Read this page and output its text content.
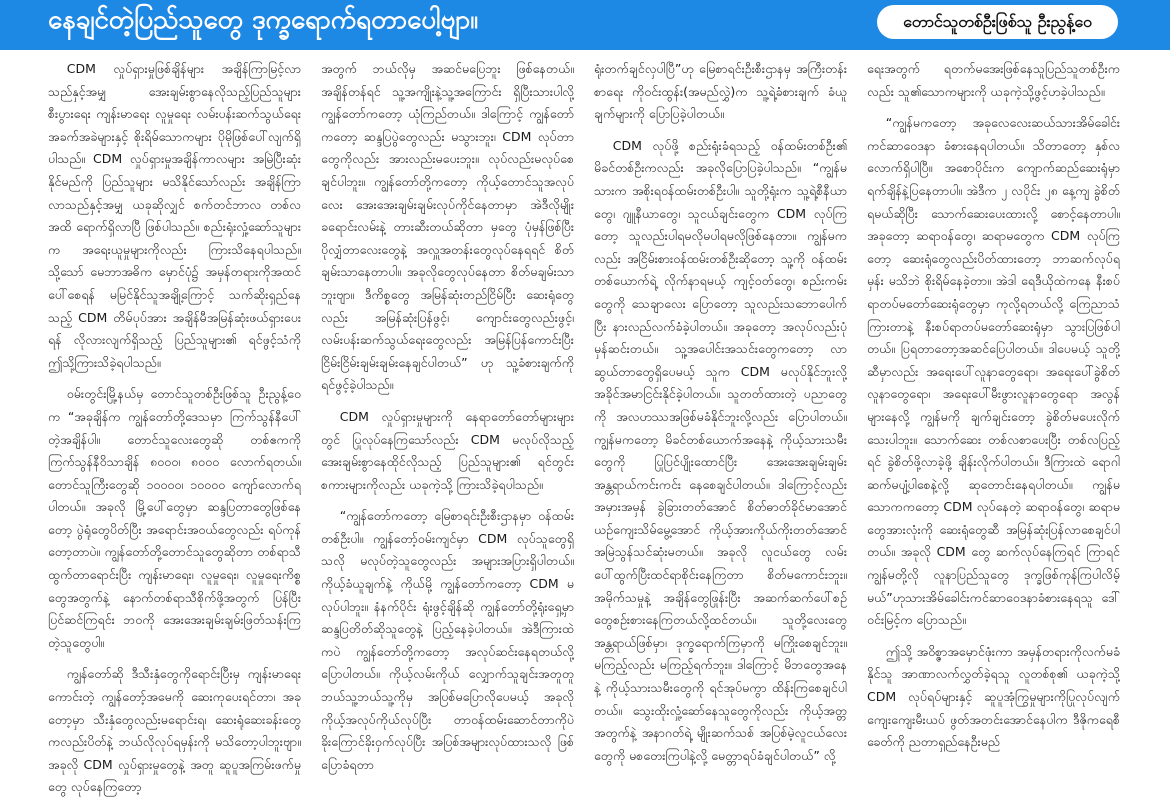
နေချင်တဲ့ပြည်သူတွေ ဒုက္ခရောက်ရတာပေါ့ဗျာ။	တောင်သူတစ်ဦးဖြစ်သူ ဦးညွန့်ဝေ

CDM လှုပ်ရှားမှုဖြစ်ချိန်များ အချိန်ကြာမြင့်လာသည်နှင့်အမျှ အေးချမ်းစွာနေလိုသည့်ပြည်သူများ စီးပွားရေး ကျန်းမာရေး လူမှုရေး လမ်းပန်းဆက်သွယ်ရေး အခက်အခဲများနှင့် စိုးရိမ်သောကများ ပိုမိုဖြစ်ပေါ်လျက်ရှိပါသည်။ CDM လှုပ်ရှားမှုအချိန်ကာလများ အမြဲပြီးဆုံးနိုင်မည်ကို ပြည်သူများ မသိနိုင်သော်လည်း အချိန်ကြာလာသည်နှင့်အမျှ ယခုဆိုလျှင် စက်တင်ဘာလ တစ်လအထိ ရောက်ရှိလာပြီ ဖြစ်ပါသည်။ စည်းရုံးလှုံ့ဆော်သူများက အရေးယူမှုများကိုလည်း ကြားသိနေရပါသည်။ သို့သော် မေဘာအဓိက မှောင်ပုံ၌ အမှန်တရားကိုအထင်ပေါ်စေရန် မမြင်နိုင်သူအချို့ကြောင့် သက်ဆိုးရှည်နေသည့် CDM တိမ်ပုပ်အား အချိန်မီအမြန်ဆုံးဖယ်ရှားပေးရန် လိုလားလျက်ရှိသည့် ပြည်သူများ၏ ရင်ဖွင့်သံကို ဤသို့ကြားသိခဲ့ရပါသည်။

ဝမ်းတွင်းမြို့နယ်မှ တောင်သူတစ်ဦးဖြစ်သူ ဦးညွန့်ဝေက “အခုချိန်က ကျွန်တော်တို့ဒေသမှာ ကြက်သွန်နီပေါ်တဲ့အချိန်ပါ။ တောင်သူလေးတွေဆို တစ်ဧကကို ကြက်သွန်နီဝိသာချိန် ၈၀၀၀၊ ၈၀၀၀ လောက်ရတယ်။ တောင်သူကြီးတွေဆို ၁၀၀၀၀၊ ၁၀၀၀၀ ကျော်လောက်ရပါတယ်။ အခုလို မြို့ပေါ်တွေမှာ ဆန္ဒပြတာတွေဖြစ်နေတော့ ပွဲရုံတွေပိတ်ပြီး အရောင်းအဝယ်တွေလည်း ရပ်ကုန်တော့တာပဲ။ ကျွန်တော်တို့တောင်သူတွေဆိုတာ တစ်ရာသီထွက်တာရောင်းပြီး ကျန်းမာရေး၊ လူမှုရေး၊ လူမှုရေးကိစ္စတွေအတွက်နဲ့ နောက်တစ်ရာသီစိုက်ဖို့အတွက် ပြန်ပြီးပြင်ဆင်ကြရင်း ဘဝကို အေးအေးချမ်းချမ်းဖြတ်သန်းကြတဲ့သူတွေပါ။

ကျွန်တော်ဆို ဒီသီးနှံတွေကိုရောင်းပြီးမှ ကျန်းမာရေးကောင်းတဲ့ ကျွန်တော့်အမေကို ဆေးကုပေးရင်တာ၊ အခုတော့မှာ သီးနှံတွေလည်းမရောင်းရ၊ ဆေးရုံဆေးခန်းတွေကလည်းပိတ်နဲ့ ဘယ်လိုလုပ်ရမှန်းကို မသိတော့ပါဘူးဗျာ။ အခုလို CDM လှုပ်ရှားမှုတွေနဲ့ အတူ ဆူပူအကြမ်းဖက်မှုတွေ လုပ်နေကြတော့

အတွက် ဘယ်လိုမှ အဆင်မပြေဘူး ဖြစ်နေတယ်။ အချိန်တန်ရင် သူ့အကျိုးနဲ့သူ့အကြောင်း ရှိပြီးသားပါလို့ ကျွန်တော်ကတော့ ယုံကြည်တယ်။ ဒါကြောင့် ကျွန်တော်ကတော့ ဆန္ဒပြပွဲတွေလည်း မသွားဘူး၊ CDM လုပ်တာတွေကိုလည်း အားလည်းမပေးဘူး။ လုပ်လည်းမလုပ်စေချင်ပါဘူး။ ကျွန်တော်တို့ကတော့ ကိုယ့်တောင်သူအလုပ်လေး အေးအေးချမ်းချမ်းလုပ်ကိုင်နေတာမှာ အဲဒီလိုမျိုး ခရောင်းလမ်းနဲ့ တားဆီးတယ်ဆိုတာ မှတွေ ပုံမှန်ဖြစ်ပြီး ပိုလျှံတာလေးတွေနဲ့ အလှူအတန်းတွေလုပ်နေရရင် စိတ်ချမ်းသာနေတာပါ။ အခုလိုတွေလုပ်နေတာ စိတ်မချမ်းသာဘူးဗျာ။ ဒီကိစ္စတွေ အမြန်ဆုံးတည်ငြိမ်ပြီး ဆေးရုံတွေလည်း အမြန်ဆုံးပြန်ဖွင့်၊ ကျောင်းတွေလည်းဖွင့်၊ လမ်းပန်းဆက်သွယ်ရေးတွေလည်း အမြန်ပြန်ကောင်းပြီး ငြိမ်းငြိမ်းချမ်းချမ်းနေချင်ပါတယ်” ဟု သူ့ခံစားချက်ကို ရင်ဖွင့်ခဲ့ပါသည်။

CDM လှုပ်ရှားမှုများကို နေရာတော်တော်များများတွင် ပြုလုပ်နေကြသော်လည်း CDM မလုပ်လိုသည့် အေးချမ်းစွာနေထိုင်လိုသည့် ပြည်သူများ၏ ရင်တွင်းစကားများကိုလည်း ယခုကဲ့သို့ ကြားသိခဲ့ရပါသည်။

“ကျွန်တော်ကတော့ မြေစာရင်းဦးစီးဌာနမှာ ဝန်ထမ်းတစ်ဦးပါ။ ကျွန်တော့်ဝမ်းကျင်မှာ CDM လုပ်သူတွေရှိသလို မလုပ်တဲ့သူတွေလည်း အများအပြားရှိပါတယ်။ ကိုယ့်ခံယူချက်နဲ့ ကိုယ်မို့ ကျွန်တော်ကတော့ CDM မလုပ်ပါဘူး။ နံနက်ပိုင်း ရုံးဖွင့်ချိန်ဆို ကျွန်တော်တို့ရုံးရှေ့မှာ ဆန္ဒပြတိတ်ဆိုသူတွေနဲ့ ပြည့်နေခဲ့ပါတယ်။ အဲဒီကြားထဲကပဲ ကျွန်တော်တို့ကတော့ အလုပ်ဆင်းနေရတယ်လို့ ပြောပါတယ်။ ကိုယ့်လမ်းကိုယ် လျှောက်သူချင်းအတူတူ ဘယ်သူ့ဘယ်သူ့ကိုမှ အပြစ်မပြောလိုပေမယ့် အခုလို ကိုယ့်အလုပ်ကိုယ်လုပ်ပြီး တာဝန်ထမ်းဆောင်တာကိုပဲ ခိုးကြောင်ခိုးဝှက်လုပ်ပြီး အပြစ်အများလုပ်ထားသလို ဖြစ်ပြောခံရတာ

ရုံးတက်ချင်လှပါပြီ”ဟု မြေစာရင်းဦးစီးဌာနမှ အကြီးတန်းစာရေး ကိုဝင်းထွန်း(အမည်လွှဲ)က သူ့ရဲ့ခံစားချက် ခံယူချက်များကို ပြောပြခဲ့ပါတယ်။

CDM လုပ်ဖို့ စည်းရုံးခံရသည့် ဝန်ထမ်းတစ်ဦး၏ မိခင်တစ်ဦးကလည်း အခုလိုပြောပြခဲ့ပါသည်။ “ကျွန်မသားက အစိုးရဝန်ထမ်းတစ်ဦးပါ။ သူတို့ရုံးက သူ့ရဲ့စီနီယာတွေ၊ ဂျူနီယာတွေ၊ သူငယ်ချင်းတွေက CDM လုပ်ကြတော့ သူလည်းပါရမလိုမပါရမလိုဖြစ်နေတာ။ ကျွန်မကလည်း အငြိမ်းစားဝန်ထမ်းတစ်ဦးဆိုတော့ သူ့ကို ဝန်ထမ်းတစ်ယောက်ရဲ့ လိုက်နာရမယ့် ကျင့်ဝတ်တွေ၊ စည်းကမ်းတွေကို သေချာလေး ပြောတော့ သူလည်းသဘောပေါက်ပြီး နားလည်လက်ခံခဲ့ပါတယ်။ အခုတော့ အလုပ်လည်းပုံမှန်ဆင်းတယ်။ သူ့အပေါင်းအသင်းတွေကတော့ လာဆွယ်တာတွေရှိပေမယ့် သူက CDM မလုပ်နိုင်ဘူးလို့ အခိုင်အမာငြင်းနိုင်ခဲ့ပါတယ်။ သူတတ်ထားတဲ့ ပညာတွေကို အလဟဿအဖြစ်မခံနိုင်ဘူးလို့လည်း ပြောပါတယ်။ ကျွန်မကတော့ မိခင်တစ်ယောက်အနေနဲ့ ကိုယ့်သားသမီးတွေကို ပြုပြင်ပျိုးထောင်ပြီး အေးအေးချမ်းချမ်း အန္တရာယ်ကင်းကင်း နေစေချင်ပါတယ်။ ဒါကြောင့်လည်း အမှားအမှန် ခွဲခြားတတ်အောင် စိတ်ဓာတ်ခိုင်မာအောင် ယဉ်ကျေးသိမ်မွေ့အောင် ကိုယ့်အားကိုယ်ကိုးတတ်အောင် အမြဲသွန်သင်ဆုံးမတယ်။ အခုလို လူငယ်တွေ လမ်းပေါ်ထွက်ပြီးထင်ရာစိုင်းနေကြတာ စိတ်မကောင်းဘူး။ အမိုက်သမှုနဲ့ အချိန်တွေဖြုန်းပြီး အဆက်ဆက်ပေါ်စဉ်တွေစဉ်းစားနေကြတယ်လို့ထင်တယ်။ သူတို့လေးတွေ အန္တရာယ်ဖြစ်မှာ၊ ဒုက္ခရောက်ကြမှာကို မကြိုးစေချင်ဘူး။ မကြည့်လည်း မကြည့်ရက်ဘူး။ ဒါကြောင့် မိဘတွေအနေနဲ့ ကိုယ့်သားသမီးတွေကို ရင်အုပ်မကွာ ထိန်းကြစေချင်ပါတယ်။ သွေးထိုးလှုံ့ဆော်နေသူတွေကိုလည်း ကိုယ့်အတ္တအတွက်နဲ့ အနာဂတ်ရဲ့ မျိုးဆက်သစ် အပြစ်မဲ့လူငယ်လေးတွေကို မစတေးကြပါနဲ့လို့ မေတ္တာရပ်ခံချင်ပါတယ်” လို့

ရေးအတွက် ရတက်မအေးဖြစ်နေသူပြည်သူတစ်ဦးကလည်း သူ၏သောကများကို ယခုကဲ့သို့ဖွင့်ဟခဲ့ပါသည်။

“ကျွန်မကတော့ အခုလေလေးဆယ်သားအိမ်ခေါင်းကင်ဆာဝေဒနာ ခံစားနေရပါတယ်။ သိတာတော့ နှစ်လလောက်ရှိပါပြီ။ အစောပိုင်းက ကျောက်ဆည်ဆေးရုံမှာ ရက်ချိန်နဲ့ပြနေတာပါ။ အဲဒီက ၂ လပိုင်း ၂၈ နေ့ကျ ခွဲစိတ်ရမယ်ဆိုပြီး သောက်ဆေးပေးထားလို့ စောင့်နေတာပါ။ အခုတော့ ဆရာဝန်တွေ၊ ဆရာမတွေက CDM လုပ်ကြတော့ ဆေးရုံတွေလည်းပိတ်ထားတော့ ဘာဆက်လုပ်ရမှန်း မသိဘဲ စိုးရိမ်နေခဲ့တာ။ အဲဒါ ရေဒီယိုထဲကနေ နီးစပ်ရာတပ်မတော်ဆေးရုံတွေမှာ ကုလို့ရတယ်လို့ ကြေညာသံကြားတာနဲ့ နီးစပ်ရာတပ်မတော်ဆေးရုံမှာ သွားပြဖြစ်ပါတယ်။ ပြရတာတော့အဆင်ပြေပါတယ်။ ဒါပေမယ့် သူတို့ဆီမှာလည်း အရေးပေါ်လူနာတွေရော၊ အရေးပေါ်ခွဲစိတ်လူနာတွေရော၊ အရေးပေါ်မီးဖွားလူနာတွေရော အလွန်များနေလို့ ကျွန်မကို ချက်ချင်းတော့ ခွဲစိတ်မပေးလိုက်သေးပါဘူး။ သောက်ဆေး တစ်လစာပေးပြီး တစ်လပြည့်ရင် ခွဲစိတ်ဖို့လာခဲ့ဖို့ ချိန်းလိုက်ပါတယ်။ ဒီကြားထဲ ရောဂါဆက်မပျံ့ပါစေနဲ့လို့ ဆုတောင်းနေရပါတယ်။ ကျွန်မသောကကတော့ CDM လုပ်နေတဲ့ ဆရာဝန်တွေ၊ ဆရာမတွေအားလုံးကို ဆေးရုံတွေဆီ အမြန်ဆုံးပြန်လာစေချင်ပါတယ်။ အခုလို CDM တွေ ဆက်လုပ်နေကြရင် ကြာရင် ကျွန်မတို့လို လူနာပြည်သူတွေ ဒုက္ခဖြစ်ကုန်ကြပါလိမ့်မယ်”ဟုသားအိမ်ခေါင်းကင်ဆာဝေဒနာခံစားနေရသူ ဒေါ်ဝင်းမြင့်က ပြောသည်။

ဤသို့ အဝိစ္ဇာအမှောင်ဖုံးကာ အမှန်တရားကိုလက်မခံနိုင်သူ အာဏာလက်လွှတ်ခဲ့ရသူ လူတစ်စု၏ ယခုကဲ့သို့ CDM လုပ်ရပ်များနှင့် ဆူပူအုံကြွမှုများကိုပြုလုပ်လျက် ကျေးကျေးမီးယပ် ဖွတ်အတင်းအောင်နေပါက ဒီဇိုကရေစီခေတ်ကို ညတာရှည်နေဦးမည်
